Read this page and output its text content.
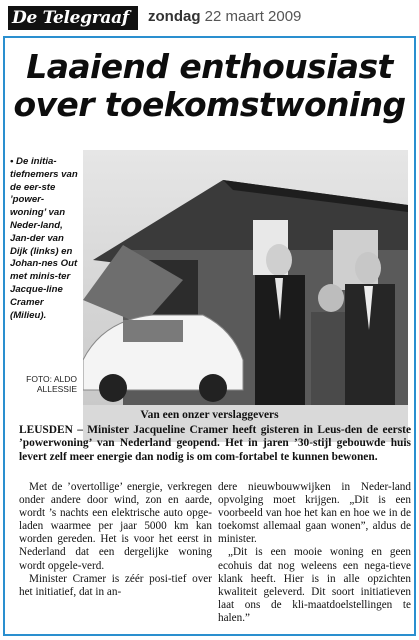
De Telegraaf	zondag 22 maart 2009
Laaiend enthousiast
over toekomstwoning
• De initia-tiefnemers van de eer-ste ’power-woning’ van Neder-land, Jan-der van Dijk (links) en Johan-nes Out met minis-ter Jacque-line Cramer (Milieu).
FOTO: ALDO ALLESSIE
Van een onzer verslaggevers
LEUSDEN – Minister Jacqueline Cramer heeft gisteren in Leus-den de eerste ’powerwoning’ van Nederland geopend. Het in jaren ’30-stijl gebouwde huis levert zelf meer energie dan nodig is om com-fortabel te kunnen bewonen.

Met de ’overtollige’ energie, verkregen onder andere door wind, zon en aarde, wordt ’s nachts een elektrische auto opge-laden waarmee per jaar 5000 km kan worden gereden. Het is voor het eerst in Nederland dat een dergelijke woning wordt opgele-verd.

Minister Cramer is zéér posi-tief over het initiatief, dat in an-

dere nieuwbouwwijken in Neder-land opvolging moet krijgen. „Dit is een voorbeeld van hoe het kan en hoe we in de toekomst allemaal gaan wonen”, aldus de minister.

„Dit is een mooie woning en geen ecohuis dat nog weleens een nega-tieve klank heeft. Hier is in alle opzichten kwaliteit geleverd. Dit soort initiatieven laat ons de kli-maatdoelstellingen te halen.”
